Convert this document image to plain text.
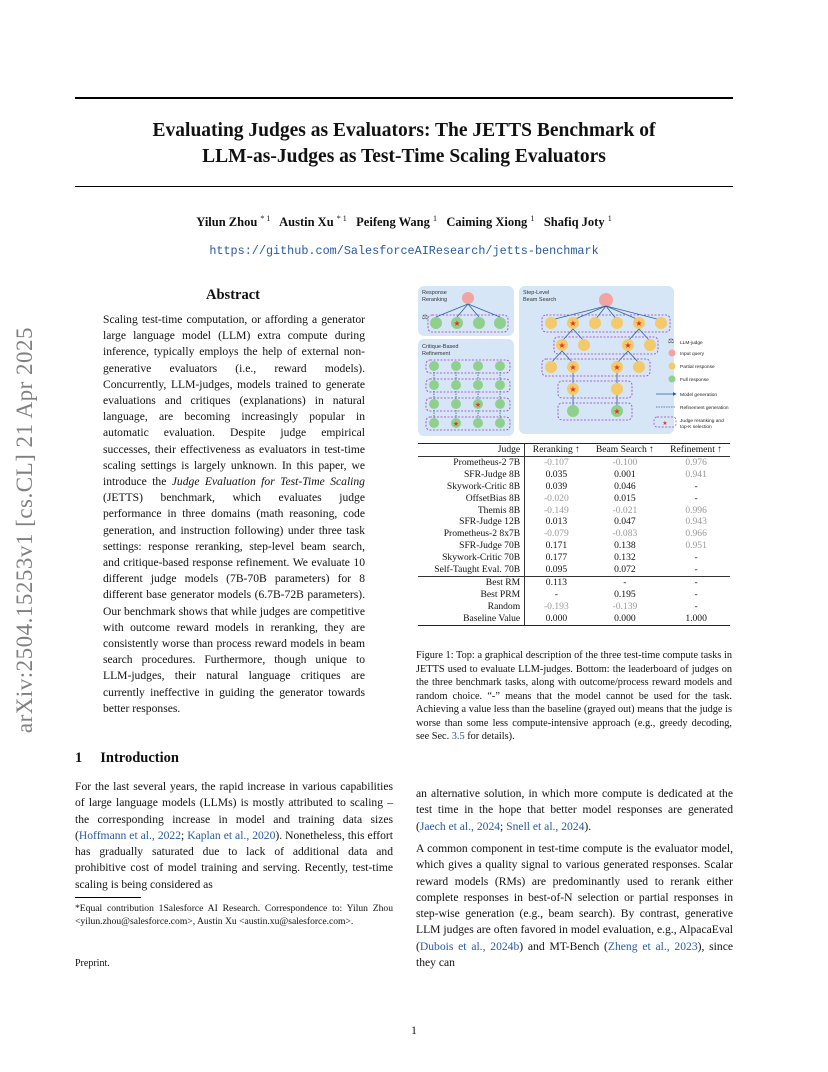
Evaluating Judges as Evaluators: The JETTS Benchmark of
LLM-as-Judges as Test-Time Scaling Evaluators
Yilun Zhou $^{* 1}$ Austin Xu $^{* 1}$ Peifeng Wang $^1$ Caiming Xiong $^1$ Shafiq Joty $^1$
https://github.com/SalesforceAIResearch/jetts-benchmark
arXiv:2504.15253v1 [cs.CL] 21 Apr 2025
Abstract
Scaling test-time computation, or affording a generator large language model (LLM) extra compute during inference, typically employs the help of external non-generative evaluators (i.e., reward models). Concurrently, LLM-judges, models trained to generate evaluations and critiques (explanations) in natural language, are becoming increasingly popular in automatic evaluation. Despite judge empirical successes, their effectiveness as evaluators in test-time scaling settings is largely unknown. In this paper, we introduce the Judge Evaluation for Test-Time Scaling (JETTS) benchmark, which evaluates judge performance in three domains (math reasoning, code generation, and instruction following) under three task settings: response reranking, step-level beam search, and critique-based response refinement. We evaluate 10 different judge models (7B-70B parameters) for 8 different base generator models (6.7B-72B parameters). Our benchmark shows that while judges are competitive with outcome reward models in reranking, they are consistently worse than process reward models in beam search procedures. Furthermore, though unique to LLM-judges, their natural language critiques are currently ineffective in guiding the generator towards better responses.
1 Introduction
For the last several years, the rapid increase in various capabilities of large language models (LLMs) is mostly attributed to scaling – the corresponding increase in model and training data sizes (Hoffmann et al., 2022; Kaplan et al., 2020). Nonetheless, this effort has gradually saturated due to lack of additional data and prohibitive cost of model training and serving. Recently, test-time scaling is being considered as
an alternative solution, in which more compute is dedicated at the test time in the hope that better model responses are generated (Jaech et al., 2024; Snell et al., 2024).
A common component in test-time compute is the evaluator model, which gives a quality signal to various generated responses. Scalar reward models (RMs) are predominantly used to rerank either complete responses in best-of-N selection or partial responses in step-wise generation (e.g., beam search). By contrast, generative LLM judges are often favored in model evaluation, e.g., AlpacaEval (Dubois et al., 2024b) and MT-Bench (Zheng et al., 2023), since they can
*Equal contribution 1Salesforce AI Research. Correspondence to: Yilun Zhou <yilun.zhou@salesforce.com>, Austin Xu <austin.xu@salesforce.com>.
Preprint.
1
Response
Reranking
Step-Level
Beam Search
Critique-Based
Refinement
★
⚖
★	★
★	★
★	★
★
★
★
★
⚖ LLM-judge
Input query
Partial response
Full response
Model generation
Refinement generation
★	Judge reranking and
top-K selection
Judge	Reranking ↑	Beam Search ↑	Refinement ↑
Prometheus-2 7B	-0.107	-0.100	0.976
SFR-Judge 8B	0.035	0.001	0.941
Skywork-Critic 8B	0.039	0.046	-
OffsetBias 8B	-0.020	0.015	-
Themis 8B	-0.149	-0.021	0.996
SFR-Judge 12B	0.013	0.047	0.943
Prometheus-2 8x7B	-0.079	-0.083	0.966
SFR-Judge 70B	0.171	0.138	0.951
Skywork-Critic 70B	0.177	0.132	-
Self-Taught Eval. 70B	0.095	0.072	-
Best RM	0.113	-	-
Best PRM	-	0.195	-
Random	-0.193	-0.139	-
Baseline Value	0.000	0.000	1.000
Figure 1: Top: a graphical description of the three test-time compute tasks in JETTS used to evaluate LLM-judges. Bottom: the leaderboard of judges on the three benchmark tasks, along with outcome/process reward models and random choice. “-” means that the model cannot be used for the task. Achieving a value less than the baseline (grayed out) means that the judge is worse than some less compute-intensive approach (e.g., greedy decoding, see Sec. 3.5 for details).
